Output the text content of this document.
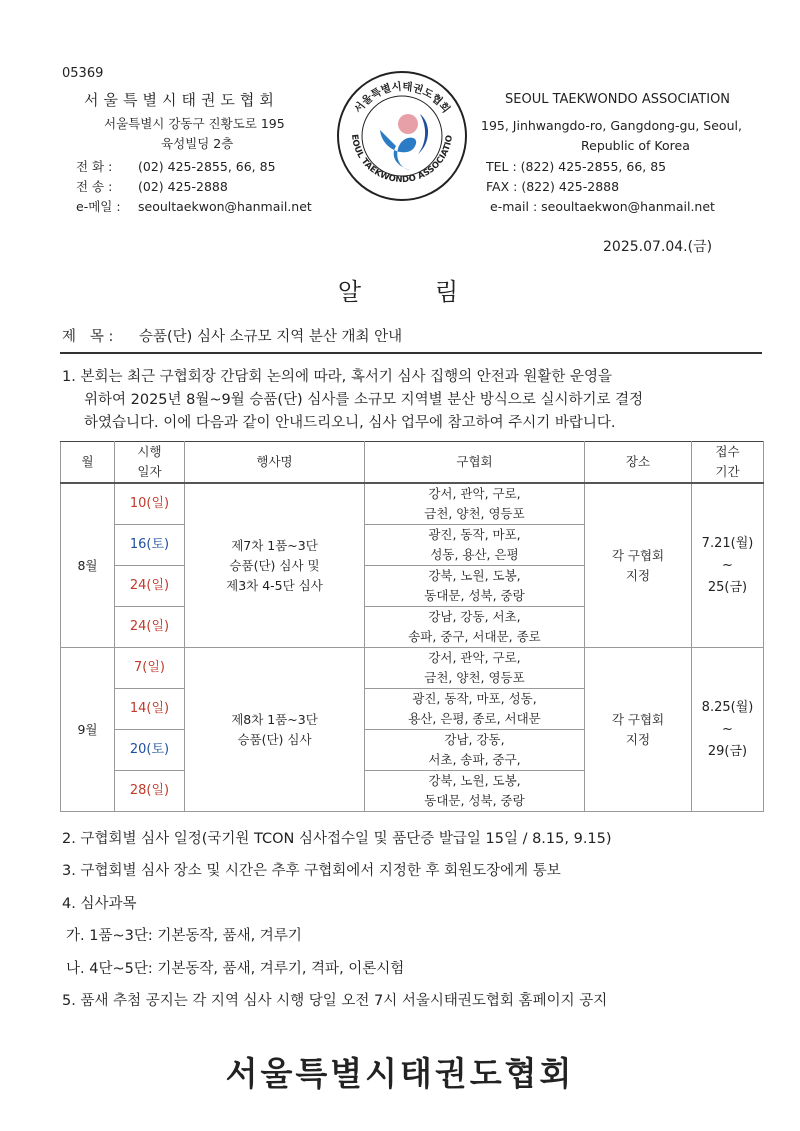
05369
서울특별시태권도협회
서울특별시 강동구 진황도로 195
육성빌딩 2층
전 화 : (02) 425-2855, 66, 85
전 송 : (02) 425-2888
e-메일 : seoultaekwon@hanmail.net
서울특별시태권도협회
EOUL TAEKWONDO ASSOCIATIO
SEOUL TAEKWONDO ASSOCIATION
195, Jinhwangdo-ro, Gangdong-gu, Seoul,
Republic of Korea
TEL : (822) 425-2855, 66, 85
FAX : (822) 425-2888
e-mail : seoultaekwon@hanmail.net
2025.07.04.(금)
알	림
제   목 : 승품(단) 심사 소규모 지역 분산 개최 안내
1. 본회는 최근 구협회장 간담회 논의에 따라, 혹서기 심사 집행의 안전과 원활한 운영을
위하여 2025년 8월~9월 승품(단) 심사를 소규모 지역별 분산 방식으로 실시하기로 결정
하였습니다. 이에 다음과 같이 안내드리오니, 심사 업무에 참고하여 주시기 바랍니다.
월	시행
일자	행사명	구협회	장소	접수
기간
8월	10(일)	제7차 1품~3단
승품(단) 심사 및
제3차 4-5단 심사	강서, 관악, 구로,
금천, 양천, 영등포	각 구협회
지정	7.21(월)
~
25(금)
	16(토)		광진, 동작, 마포,
성동, 용산, 은평		
	24(일)		강북, 노원, 도봉,
동대문, 성북, 중랑		
	24(일)		강남, 강동, 서초,
송파, 중구, 서대문, 종로		
9월	7(일)	제8차 1품~3단
승품(단) 심사	강서, 관악, 구로,
금천, 양천, 영등포	각 구협회
지정	8.25(월)
~
29(금)
	14(일)		광진, 동작, 마포, 성동,
용산, 은평, 종로, 서대문		
	20(토)		강남, 강동,
서초, 송파, 중구,		
	28(일)		강북, 노원, 도봉,
동대문, 성북, 중랑		
2. 구협회별 심사 일정(국기원 TCON 심사접수일 및 품단증 발급일 15일 / 8.15, 9.15)
3. 구협회별 심사 장소 및 시간은 추후 구협회에서 지정한 후 회원도장에게 통보
4. 심사과목
가. 1품~3단: 기본동작, 품새, 겨루기
나. 4단~5단: 기본동작, 품새, 겨루기, 격파, 이론시험
5. 품새 추첨 공지는 각 지역 심사 시행 당일 오전 7시 서울시태권도협회 홈페이지 공지
서울특별시태권도협회
